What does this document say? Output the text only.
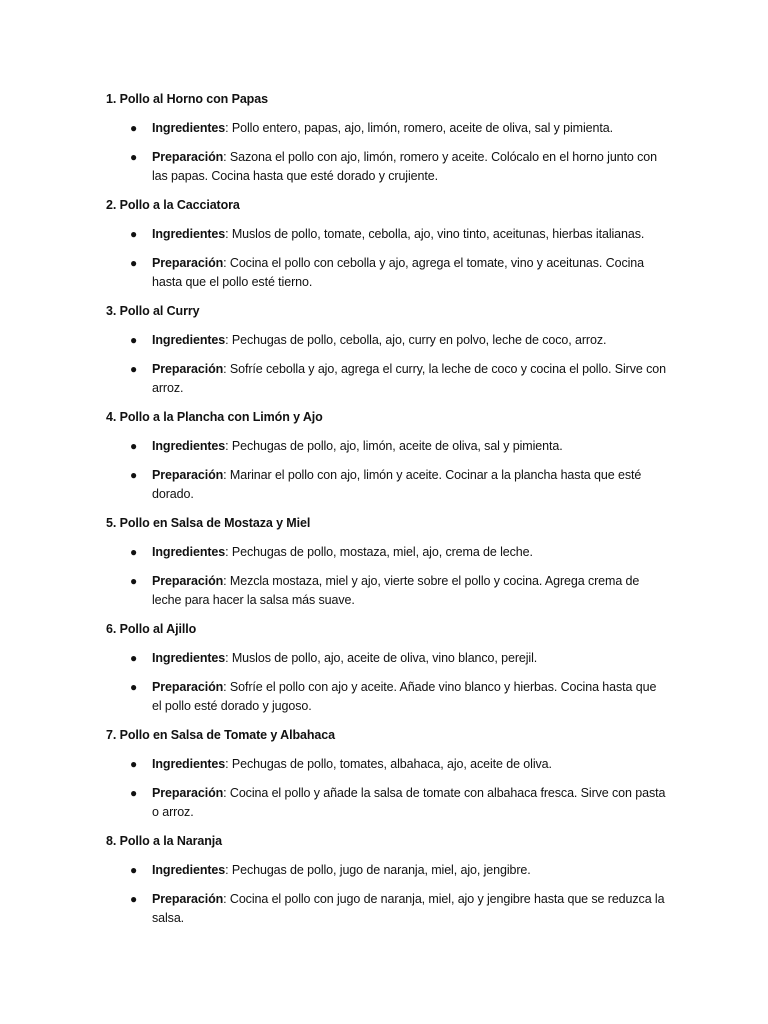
1. Pollo al Horno con Papas
● Ingredientes: Pollo entero, papas, ajo, limón, romero, aceite de oliva, sal y pimienta.
● Preparación: Sazona el pollo con ajo, limón, romero y aceite. Colócalo en el horno junto con las papas. Cocina hasta que esté dorado y crujiente.
2. Pollo a la Cacciatora
● Ingredientes: Muslos de pollo, tomate, cebolla, ajo, vino tinto, aceitunas, hierbas italianas.
● Preparación: Cocina el pollo con cebolla y ajo, agrega el tomate, vino y aceitunas. Cocina hasta que el pollo esté tierno.
3. Pollo al Curry
● Ingredientes: Pechugas de pollo, cebolla, ajo, curry en polvo, leche de coco, arroz.
● Preparación: Sofríe cebolla y ajo, agrega el curry, la leche de coco y cocina el pollo. Sirve con arroz.
4. Pollo a la Plancha con Limón y Ajo
● Ingredientes: Pechugas de pollo, ajo, limón, aceite de oliva, sal y pimienta.
● Preparación: Marinar el pollo con ajo, limón y aceite. Cocinar a la plancha hasta que esté dorado.
5. Pollo en Salsa de Mostaza y Miel
● Ingredientes: Pechugas de pollo, mostaza, miel, ajo, crema de leche.
● Preparación: Mezcla mostaza, miel y ajo, vierte sobre el pollo y cocina. Agrega crema de leche para hacer la salsa más suave.
6. Pollo al Ajillo
● Ingredientes: Muslos de pollo, ajo, aceite de oliva, vino blanco, perejil.
● Preparación: Sofríe el pollo con ajo y aceite. Añade vino blanco y hierbas. Cocina hasta que el pollo esté dorado y jugoso.
7. Pollo en Salsa de Tomate y Albahaca
● Ingredientes: Pechugas de pollo, tomates, albahaca, ajo, aceite de oliva.
● Preparación: Cocina el pollo y añade la salsa de tomate con albahaca fresca. Sirve con pasta o arroz.
8. Pollo a la Naranja
● Ingredientes: Pechugas de pollo, jugo de naranja, miel, ajo, jengibre.
● Preparación: Cocina el pollo con jugo de naranja, miel, ajo y jengibre hasta que se reduzca la salsa.
